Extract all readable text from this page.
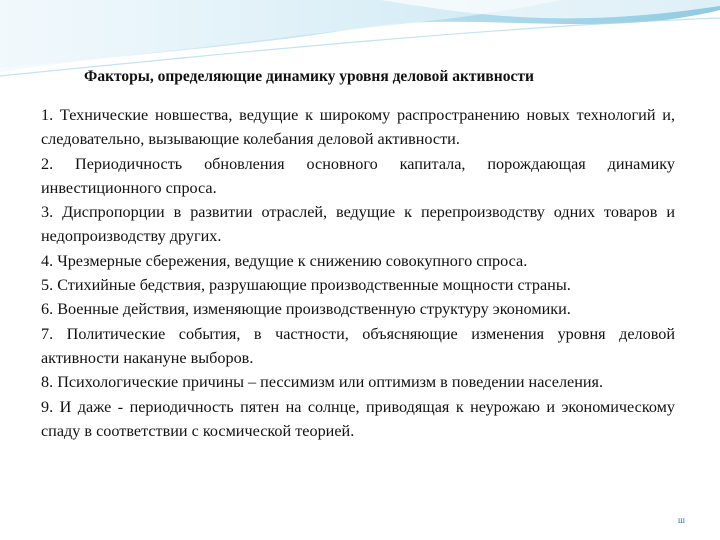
Факторы, определяющие динамику уровня деловой активности
1. Технические новшества, ведущие к широкому распространению новых технологий и, следовательно, вызывающие колебания деловой активности.
2. Периодичность обновления основного капитала, порождающая динамику инвестиционного спроса.
3. Диспропорции в развитии отраслей, ведущие к перепроизводству одних товаров и недопроизводству других.
4. Чрезмерные сбережения, ведущие к снижению совокупного спроса.
5. Стихийные бедствия, разрушающие производственные мощности страны.
6. Военные действия, изменяющие производственную структуру экономики.
7. Политические события, в частности, объясняющие изменения уровня деловой активности накануне выборов.
8. Психологические причины – пессимизм или оптимизм в поведении населения.
9. И даже - периодичность пятен на солнце, приводящая к неурожаю и экономическому спаду в соответствии с космической теорией.
ш
